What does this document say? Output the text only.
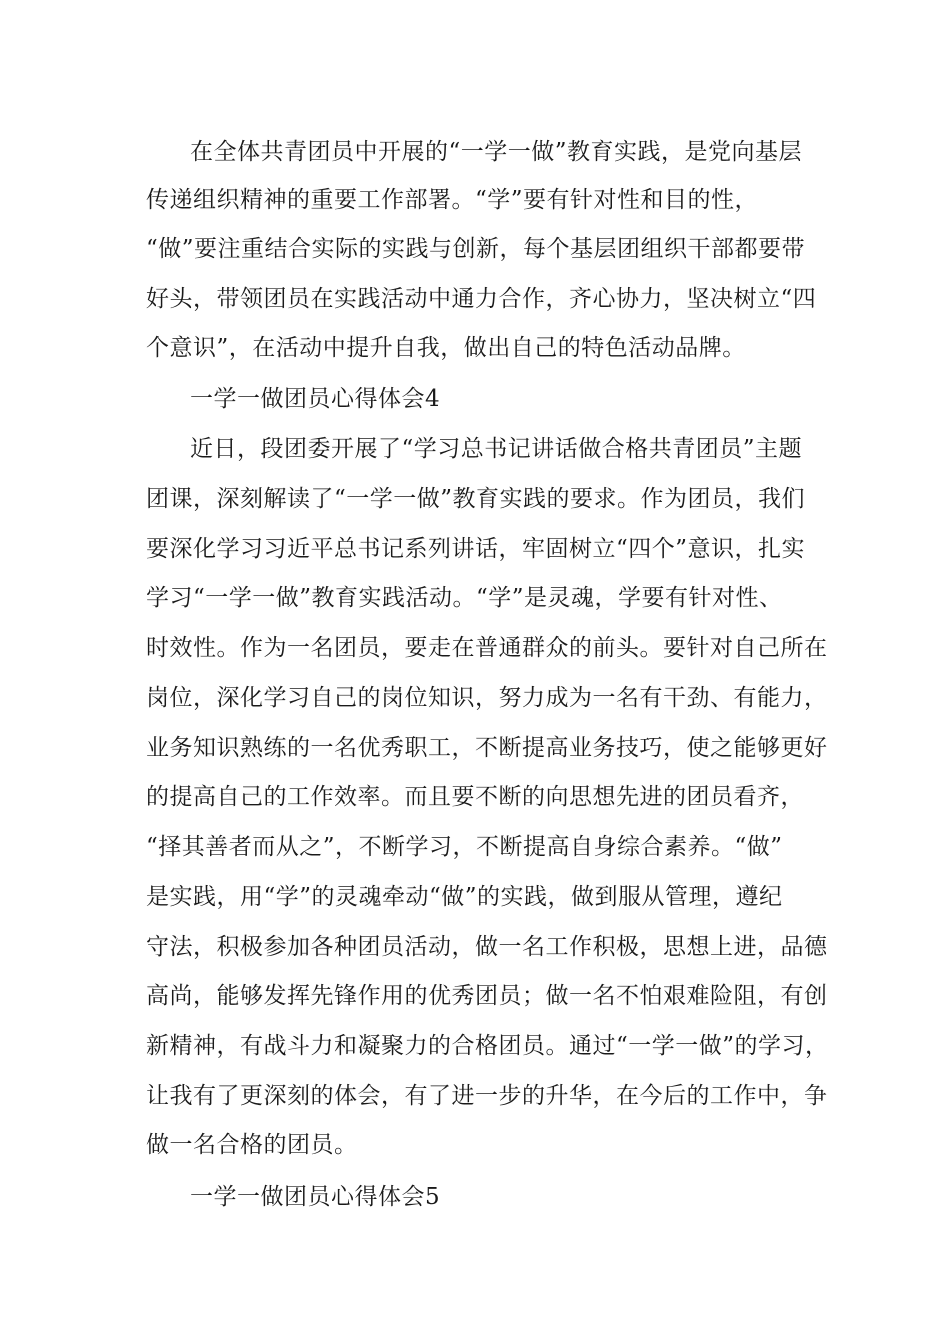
在全体共青团员中开展的“一学一做”教育实践，是党向基层
传递组织精神的重要工作部署。“学”要有针对性和目的性，
“做”要注重结合实际的实践与创新，每个基层团组织干部都要带
好头，带领团员在实践活动中通力合作，齐心协力，坚决树立“四
个意识”，在活动中提升自我，做出自己的特色活动品牌。
一学一做团员心得体会4
近日，段团委开展了“学习总书记讲话做合格共青团员”主题
团课，深刻解读了“一学一做”教育实践的要求。作为团员，我们
要深化学习习近平总书记系列讲话，牢固树立“四个”意识，扎实
学习“一学一做”教育实践活动。“学”是灵魂，学要有针对性、
时效性。作为一名团员，要走在普通群众的前头。要针对自己所在
岗位，深化学习自己的岗位知识，努力成为一名有干劲、有能力，
业务知识熟练的一名优秀职工，不断提高业务技巧，使之能够更好
的提高自己的工作效率。而且要不断的向思想先进的团员看齐，
“择其善者而从之”，不断学习，不断提高自身综合素养。“做”
是实践，用“学”的灵魂牵动“做”的实践，做到服从管理，遵纪
守法，积极参加各种团员活动，做一名工作积极，思想上进，品德
高尚，能够发挥先锋作用的优秀团员；做一名不怕艰难险阻，有创
新精神，有战斗力和凝聚力的合格团员。通过“一学一做”的学习，
让我有了更深刻的体会，有了进一步的升华，在今后的工作中，争
做一名合格的团员。
一学一做团员心得体会5
